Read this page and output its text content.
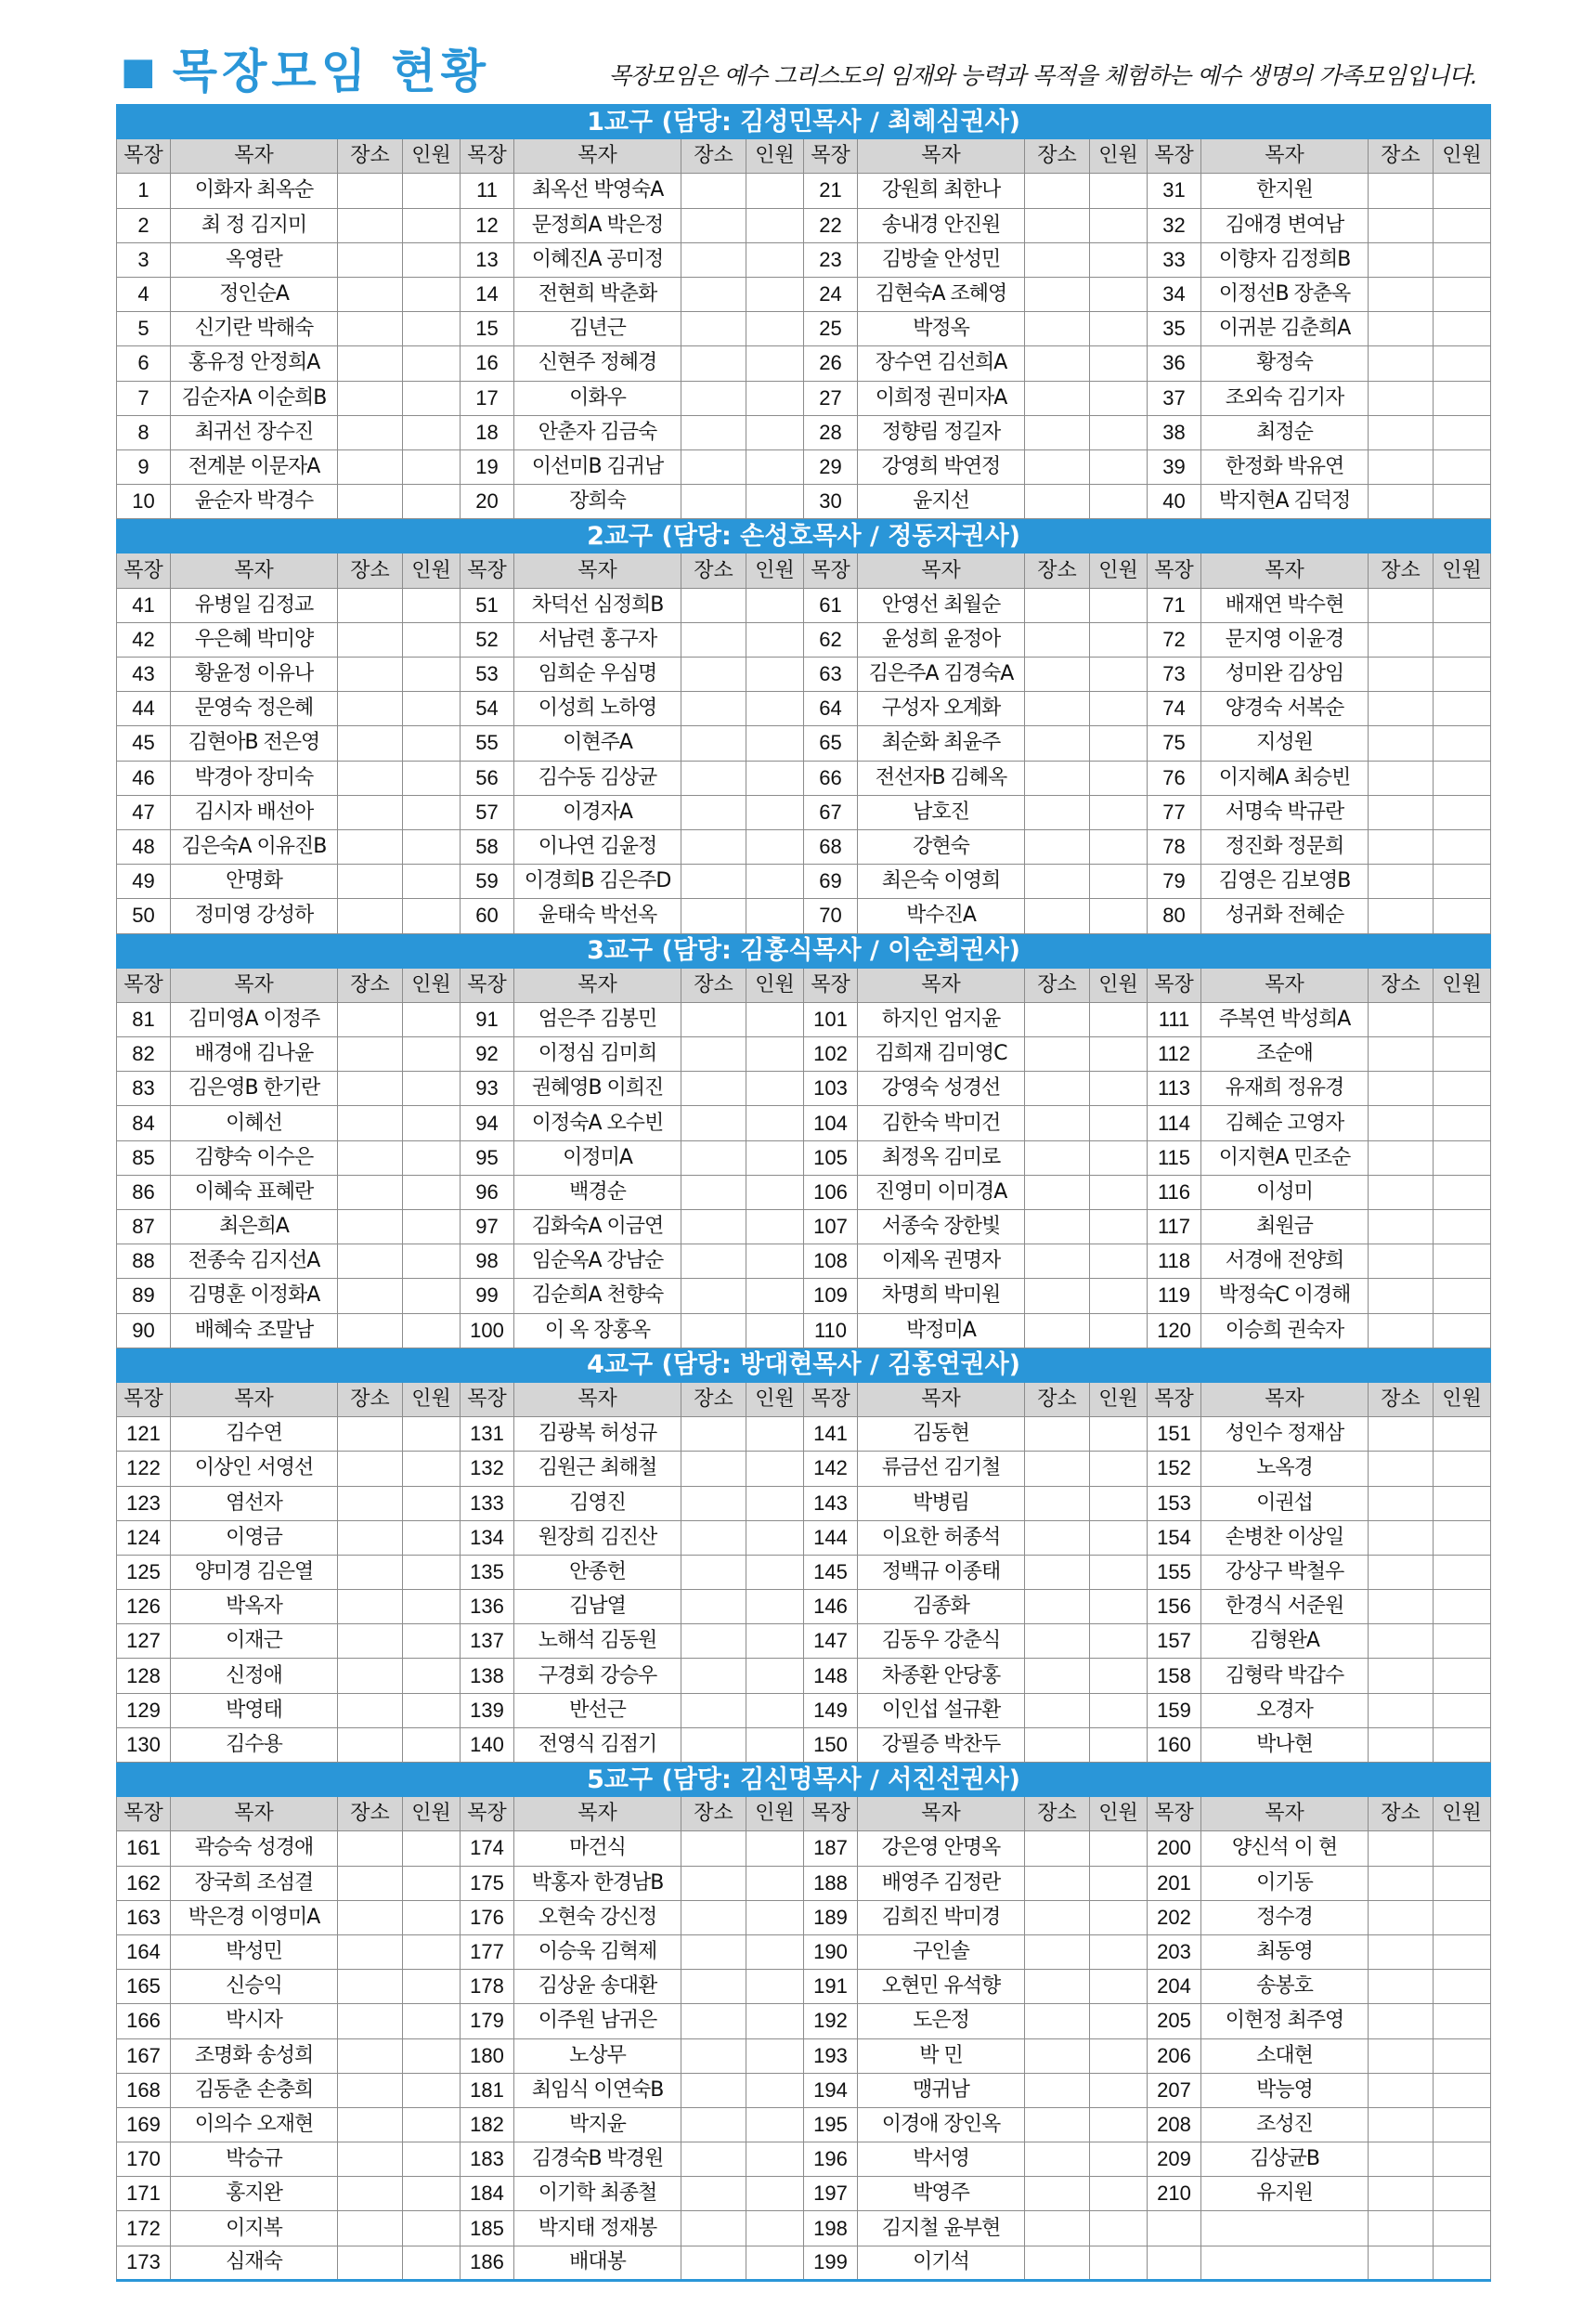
■ 목장모임 현황	목장모임은 예수 그리스도의 임재와 능력과 목적을 체험하는 예수 생명의 가족모임입니다.
1교구 (담당: 김성민목사 / 최혜심권사)															
목장	목자	장소	인원	목장	목자	장소	인원	목장	목자	장소	인원	목장	목자	장소	인원
1	이화자 최옥순			11	최옥선 박영숙A			21	강원희 최한나			31	한지원		
2	최 정 김지미			12	문정희A 박은정			22	송내경 안진원			32	김애경 변여남		
3	옥영란			13	이혜진A 공미정			23	김방술 안성민			33	이향자 김정희B		
4	정인순A			14	전현희 박춘화			24	김현숙A 조혜영			34	이정선B 장춘옥		
5	신기란 박해숙			15	김년근			25	박정옥			35	이귀분 김춘희A		
6	홍유정 안정희A			16	신현주 정혜경			26	장수연 김선희A			36	황정숙		
7	김순자A 이순희B			17	이화우			27	이희정 권미자A			37	조외숙 김기자		
8	최귀선 장수진			18	안춘자 김금숙			28	정향림 정길자			38	최정순		
9	전계분 이문자A			19	이선미B 김귀남			29	강영희 박연정			39	한정화 박유연		
10	윤순자 박경수			20	장희숙			30	윤지선			40	박지현A 김덕정		
2교구 (담당: 손성호목사 / 정동자권사)															
목장	목자	장소	인원	목장	목자	장소	인원	목장	목자	장소	인원	목장	목자	장소	인원
41	유병일 김정교			51	차덕선 심정희B			61	안영선 최월순			71	배재연 박수현		
42	우은혜 박미양			52	서남련 홍구자			62	윤성희 윤정아			72	문지영 이윤경		
43	황윤정 이유나			53	임희순 우심명			63	김은주A 김경숙A			73	성미완 김상임		
44	문영숙 정은혜			54	이성희 노하영			64	구성자 오계화			74	양경숙 서복순		
45	김현아B 전은영			55	이현주A			65	최순화 최윤주			75	지성원		
46	박경아 장미숙			56	김수동 김상균			66	전선자B 김혜옥			76	이지혜A 최승빈		
47	김시자 배선아			57	이경자A			67	남호진			77	서명숙 박규란		
48	김은숙A 이유진B			58	이나연 김윤정			68	강현숙			78	정진화 정문희		
49	안명화			59	이경희B 김은주D			69	최은숙 이영희			79	김영은 김보영B		
50	정미영 강성하			60	윤태숙 박선옥			70	박수진A			80	성귀화 전혜순		
3교구 (담당: 김홍식목사 / 이순희권사)															
목장	목자	장소	인원	목장	목자	장소	인원	목장	목자	장소	인원	목장	목자	장소	인원
81	김미영A 이정주			91	엄은주 김봉민			101	하지인 엄지윤			111	주복연 박성희A		
82	배경애 김나윤			92	이정심 김미희			102	김희재 김미영C			112	조순애		
83	김은영B 한기란			93	권혜영B 이희진			103	강영숙 성경선			113	유재희 정유경		
84	이혜선			94	이정숙A 오수빈			104	김한숙 박미건			114	김혜순 고영자		
85	김향숙 이수은			95	이정미A			105	최정옥 김미로			115	이지현A 민조순		
86	이혜숙 표혜란			96	백경순			106	진영미 이미경A			116	이성미		
87	최은희A			97	김화숙A 이금연			107	서종숙 장한빛			117	최원금		
88	전종숙 김지선A			98	임순옥A 강남순			108	이제옥 권명자			118	서경애 전양희		
89	김명훈 이정화A			99	김순희A 천향숙			109	차명희 박미원			119	박정숙C 이경해		
90	배혜숙 조말남			100	이 옥 장홍옥			110	박정미A			120	이승희 권숙자		
4교구 (담당: 방대현목사 / 김홍연권사)															
목장	목자	장소	인원	목장	목자	장소	인원	목장	목자	장소	인원	목장	목자	장소	인원
121	김수연			131	김광복 허성규			141	김동현			151	성인수 정재삼		
122	이상인 서영선			132	김원근 최해철			142	류금선 김기철			152	노옥경		
123	염선자			133	김영진			143	박병림			153	이권섭		
124	이영금			134	원장희 김진산			144	이요한 허종석			154	손병찬 이상일		
125	양미경 김은열			135	안종헌			145	정백규 이종태			155	강상구 박철우		
126	박옥자			136	김남열			146	김종화			156	한경식 서준원		
127	이재근			137	노해석 김동원			147	김동우 강춘식			157	김형완A		
128	신정애			138	구경회 강승우			148	차종환 안당홍			158	김형락 박갑수		
129	박영태			139	반선근			149	이인섭 설규환			159	오경자		
130	김수용			140	전영식 김점기			150	강필증 박찬두			160	박나현		
5교구 (담당: 김신명목사 / 서진선권사)															
목장	목자	장소	인원	목장	목자	장소	인원	목장	목자	장소	인원	목장	목자	장소	인원
161	곽승숙 성경애			174	마건식			187	강은영 안명옥			200	양신석 이 현		
162	장국희 조섬결			175	박홍자 한경남B			188	배영주 김정란			201	이기동		
163	박은경 이영미A			176	오현숙 강신정			189	김희진 박미경			202	정수경		
164	박성민			177	이승욱 김혁제			190	구인솔			203	최동영		
165	신승익			178	김상윤 송대환			191	오현민 유석향			204	송봉호		
166	박시자			179	이주원 남귀은			192	도은정			205	이현정 최주영		
167	조명화 송성희			180	노상무			193	박 민			206	소대현		
168	김동춘 손충희			181	최임식 이연숙B			194	맹귀남			207	박능영		
169	이의수 오재현			182	박지윤			195	이경애 장인옥			208	조성진		
170	박승규			183	김경숙B 박경원			196	박서영			209	김상균B		
171	홍지완			184	이기학 최종철			197	박영주			210	유지원		
172	이지복			185	박지태 정재봉			198	김지철 윤부현						
173	심재숙			186	배대봉			199	이기석						
